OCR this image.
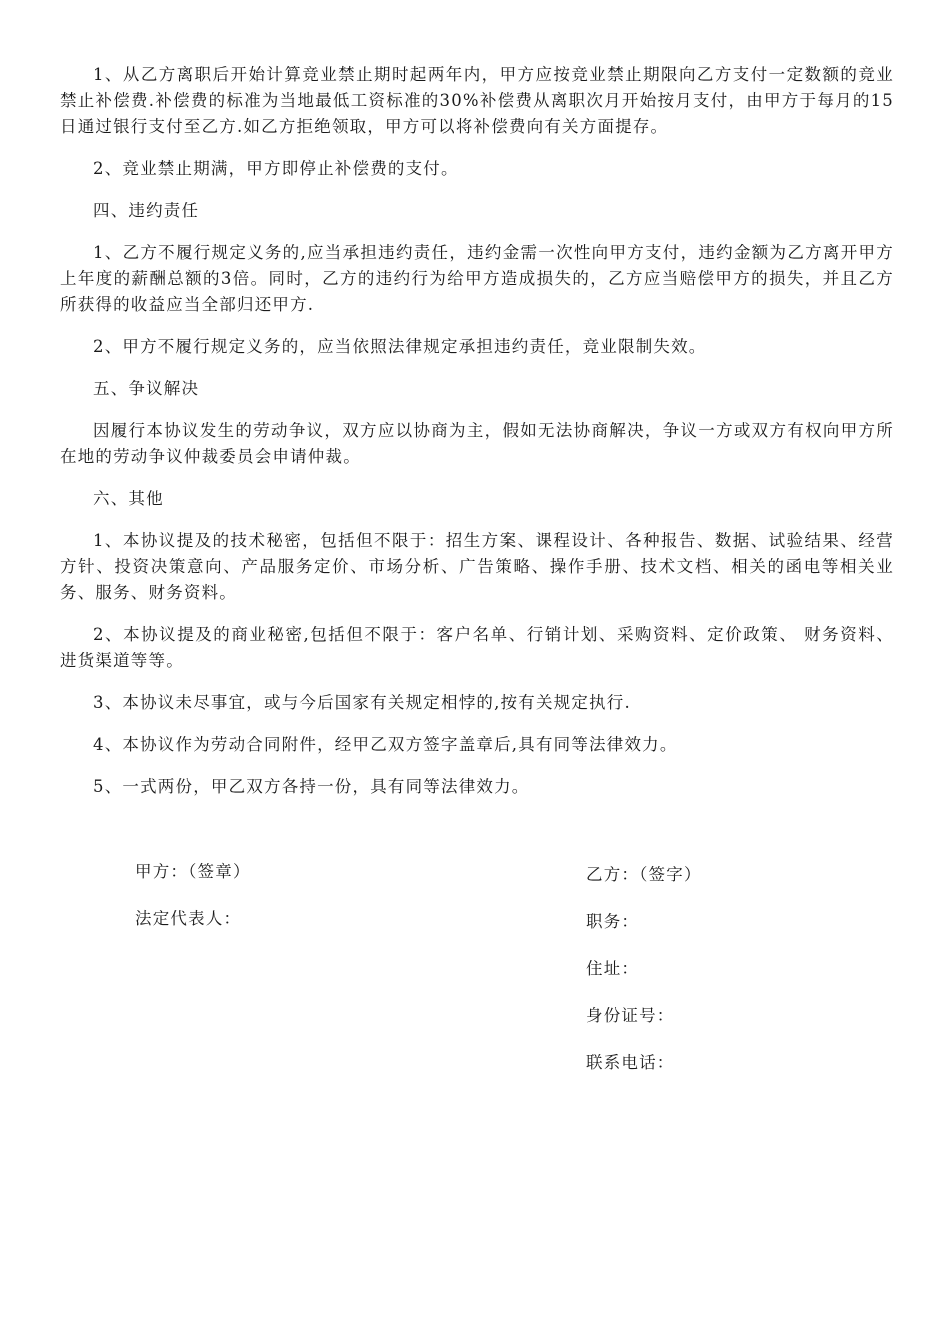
1、从乙方离职后开始计算竞业禁止期时起两年内，甲方应按竞业禁止期限向乙方支付一定数额的竞业禁止补偿费.补偿费的标准为当地最低工资标准的30%补偿费从离职次月开始按月支付，由甲方于每月的15日通过银行支付至乙方.如乙方拒绝领取，甲方可以将补偿费向有关方面提存。

2、竞业禁止期满，甲方即停止补偿费的支付。

四、违约责任

1、乙方不履行规定义务的,应当承担违约责任，违约金需一次性向甲方支付，违约金额为乙方离开甲方上年度的薪酬总额的3倍。同时，乙方的违约行为给甲方造成损失的，乙方应当赔偿甲方的损失，并且乙方所获得的收益应当全部归还甲方.

2、甲方不履行规定义务的，应当依照法律规定承担违约责任，竞业限制失效。

五、争议解决

因履行本协议发生的劳动争议，双方应以协商为主，假如无法协商解决，争议一方或双方有权向甲方所在地的劳动争议仲裁委员会申请仲裁。

六、其他

1、本协议提及的技术秘密，包括但不限于：招生方案、课程设计、各种报告、数据、试验结果、经营方针、投资决策意向、产品服务定价、市场分析、广告策略、操作手册、技术文档、相关的函电等相关业务、服务、财务资料。

2、本协议提及的商业秘密,包括但不限于：客户名单、行销计划、采购资料、定价政策、 财务资料、进货渠道等等。

3、本协议未尽事宜，或与今后国家有关规定相悖的,按有关规定执行.

4、本协议作为劳动合同附件，经甲乙双方签字盖章后,具有同等法律效力。

5、一式两份，甲乙双方各持一份，具有同等法律效力。

甲方：（签章）
法定代表人：
乙方：（签字）
职务：
住址：
身份证号：
联系电话：
